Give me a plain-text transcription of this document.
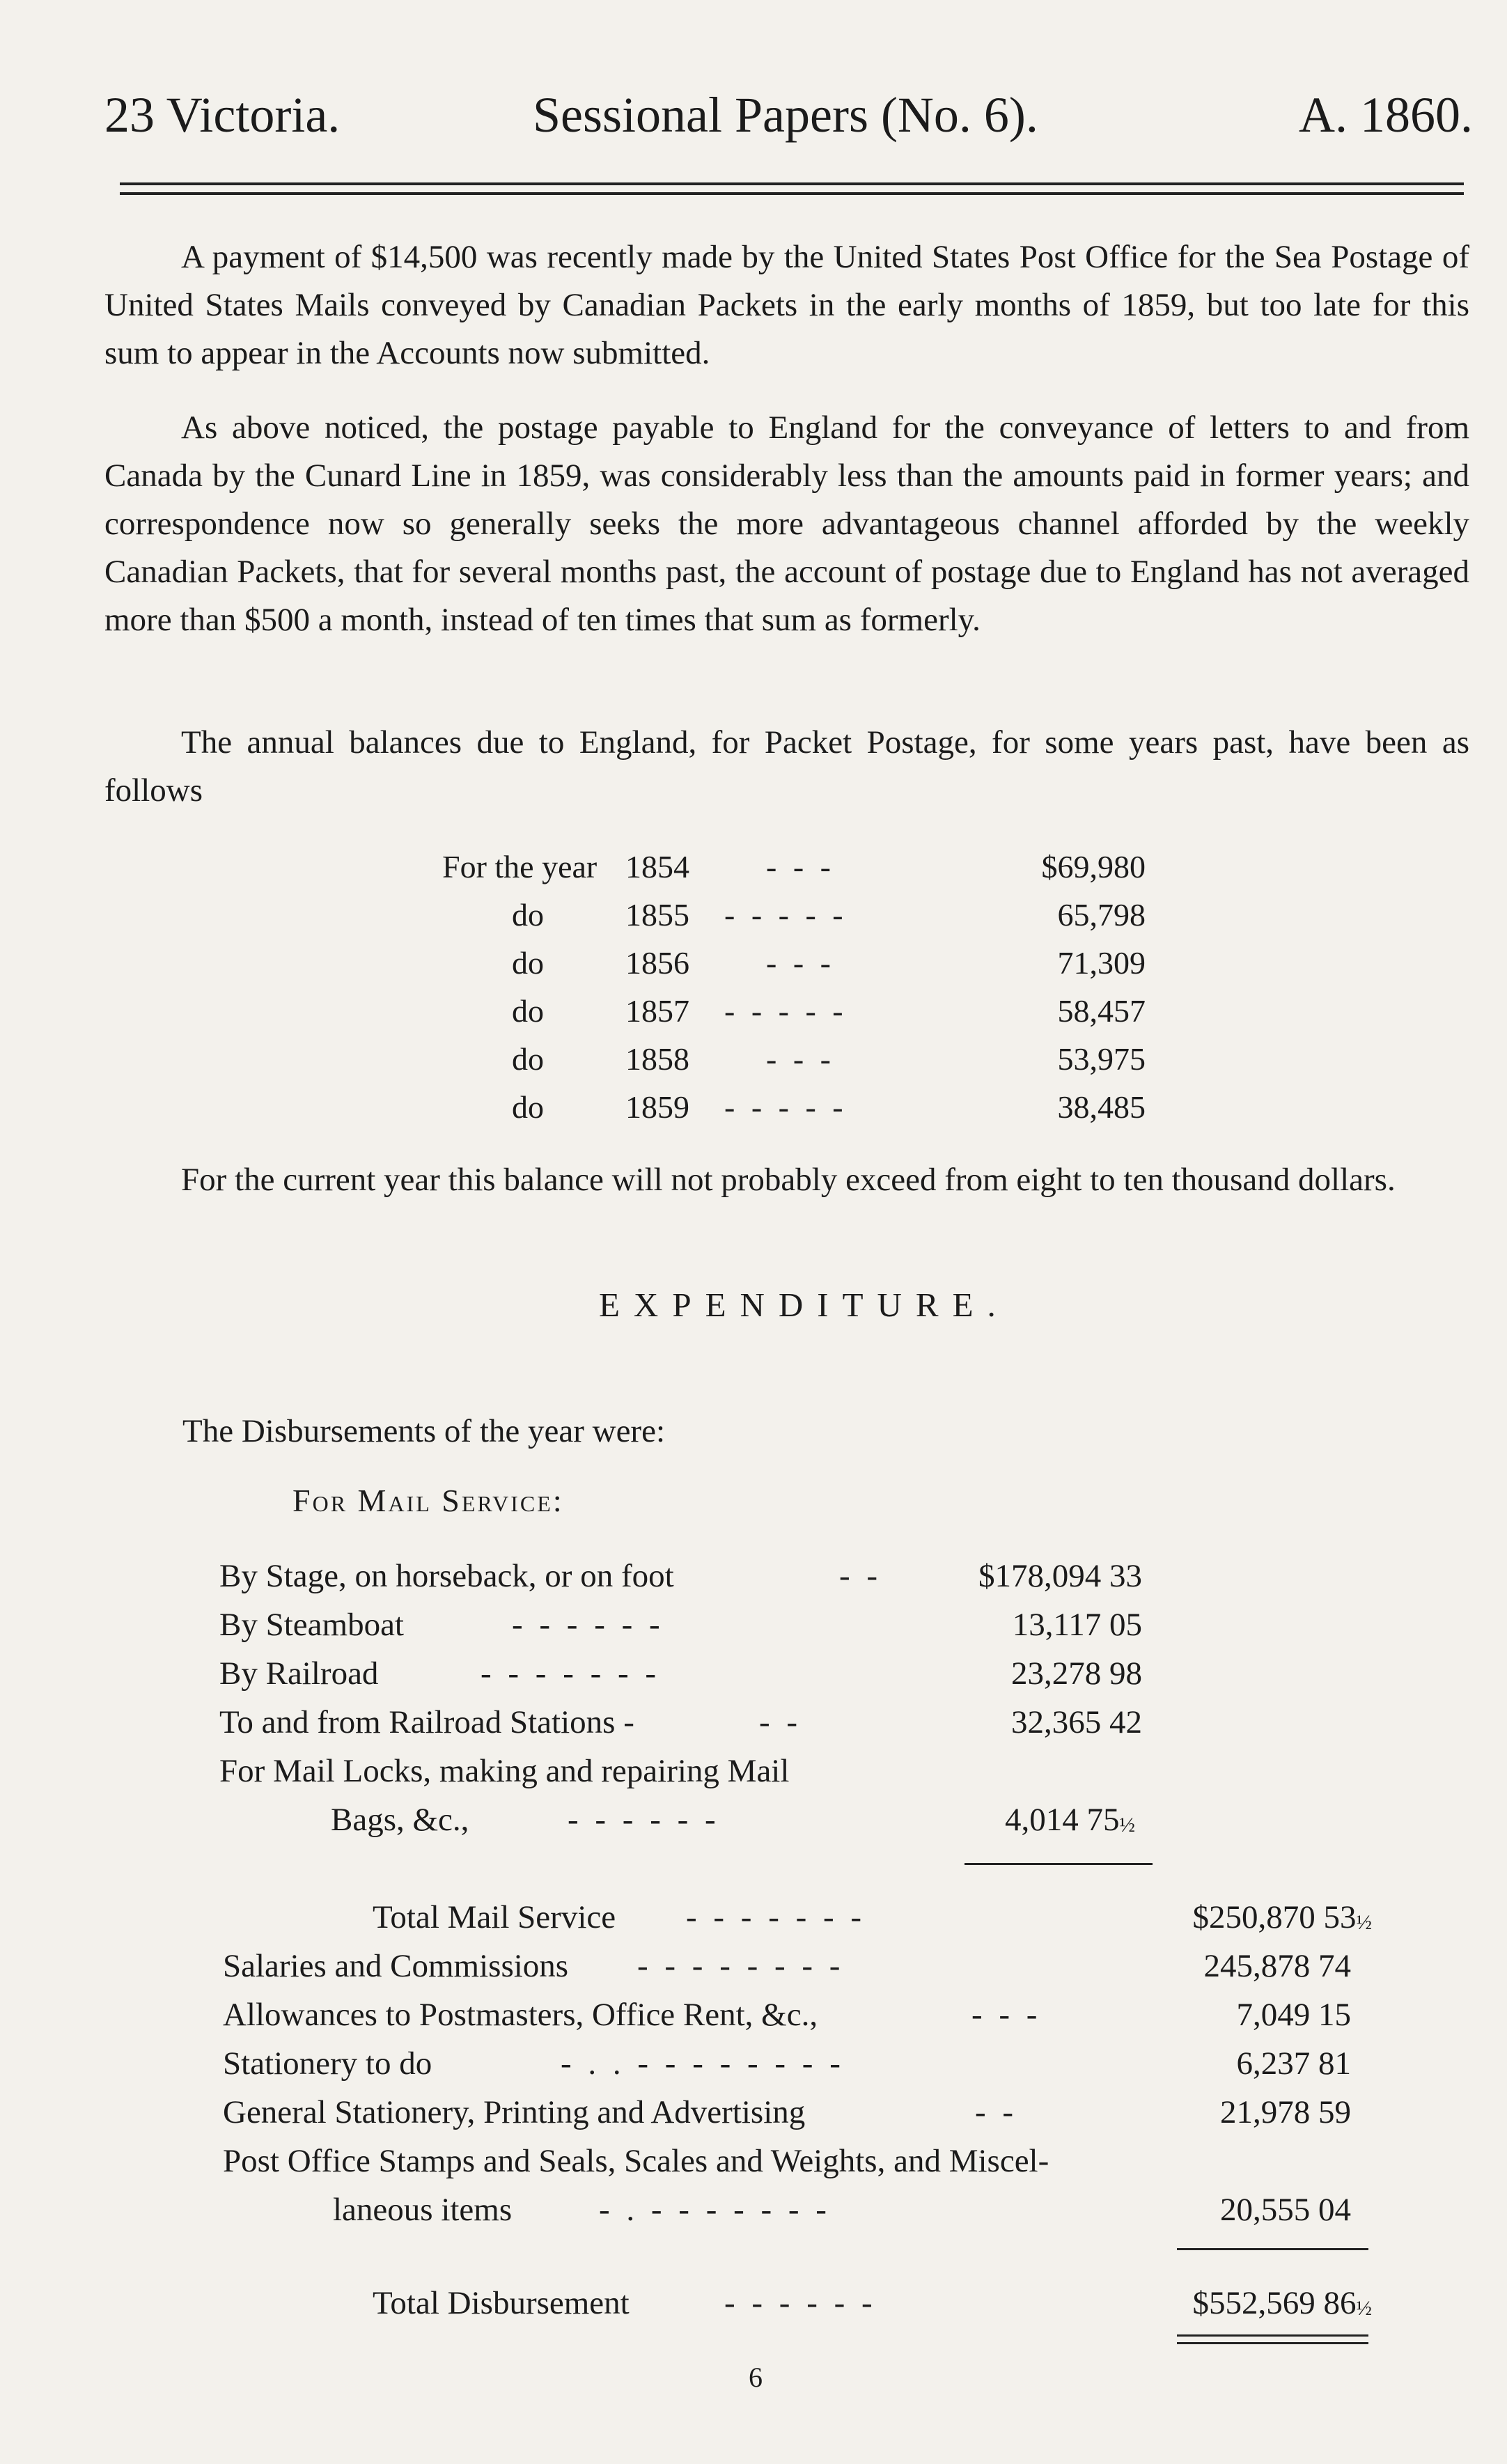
23 Victoria.	Sessional Papers (No. 6).	A. 1860.
A payment of $14,500 was recently made by the United States Post Office for the Sea Postage of United States Mails conveyed by Canadian Packets in the early months of 1859, but too late for this sum to appear in the Accounts now submitted.
As above noticed, the postage payable to England for the conveyance of letters to and from Canada by the Cunard Line in 1859, was considerably less than the amounts paid in former years; and correspondence now so generally seeks the more advantageous channel afforded by the weekly Canadian Packets, that for several months past, the account of postage due to England has not averaged more than $500 a month, instead of ten times that sum as formerly.
The annual balances due to England, for Packet Postage, for some years past, have been as follows
For the year 1854 - - -	$69,980
do	1855 - - - - -	65,798
do	1856 - - -	71,309
do	1857 - - - - -	58,457
do	1858 - - -	53,975
do	1859 - - - - -	38,485
For the current year this balance will not probably exceed from eight to ten thousand dollars.
EXPENDITURE.
The Disbursements of the year were:
For Mail Service:
By Stage, on horseback, or on foot	- -	$178,094 33
By Steamboat	- - - - - -	13,117 05
By Railroad	- - - - - - -	23,278 98
To and from Railroad Stations -	- -	32,365 42
For Mail Locks, making and repairing Mail
Bags, &c.,	- - - - - -	4,014 75½
Total Mail Service - - - - - - -	$250,870 53½
Salaries and Commissions - - - - - - - -	245,878 74
Allowances to Postmasters, Office Rent, &c.,	- - -	7,049 15
Stationery to do	- . . - - - - - - - -	6,237 81
General Stationery, Printing and Advertising	- -	21,978 59
Post Office Stamps and Seals, Scales and Weights, and Miscel-
laneous items	- . - - - - - - -	20,555 04
Total Disbursement	- - - - - -	$552,569 86½
6
